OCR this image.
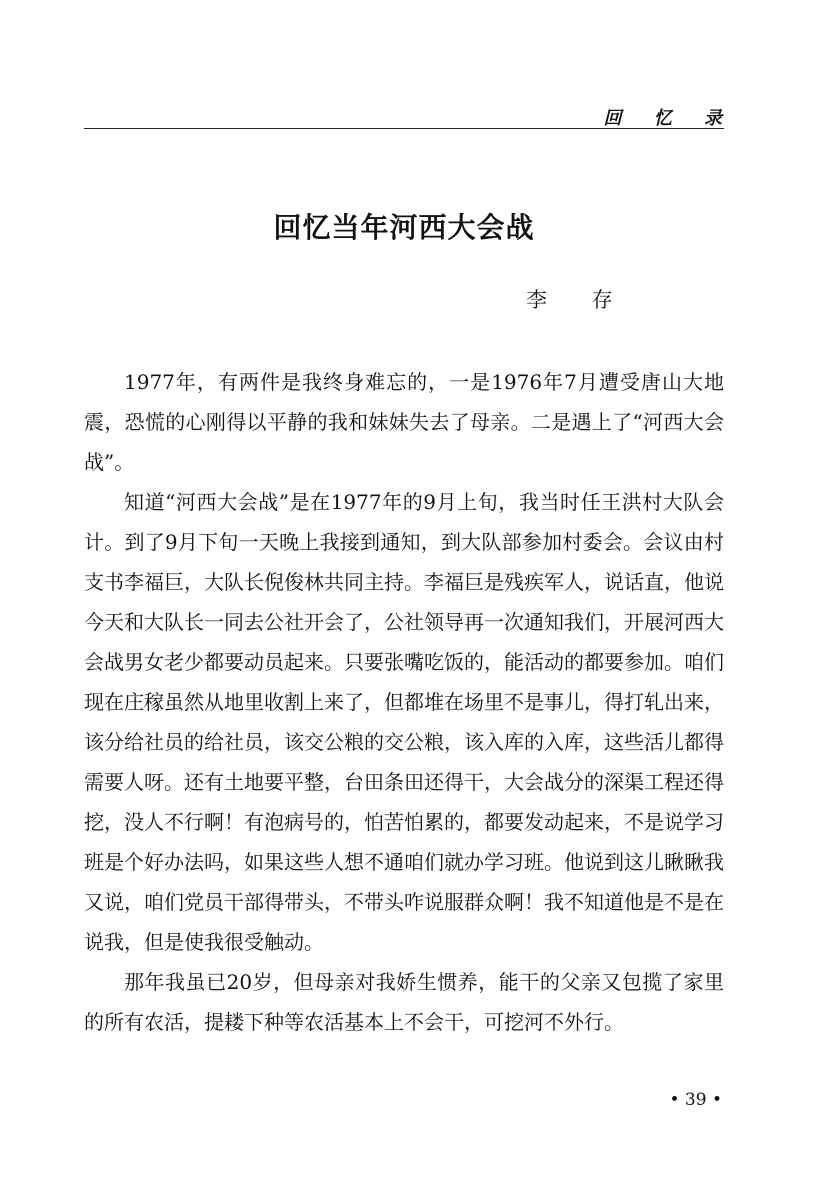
回 忆 录
回忆当年河西大会战
李 存

1977年，有两件是我终身难忘的，一是1976年7月遭受唐山大地震，恐慌的心刚得以平静的我和妹妹失去了母亲。二是遇上了“河西大会战”。

知道“河西大会战”是在1977年的9月上旬，我当时任王洪村大队会计。到了9月下旬一天晚上我接到通知，到大队部参加村委会。会议由村支书李福巨，大队长倪俊林共同主持。李福巨是残疾军人，说话直，他说今天和大队长一同去公社开会了，公社领导再一次通知我们，开展河西大会战男女老少都要动员起来。只要张嘴吃饭的，能活动的都要参加。咱们现在庄稼虽然从地里收割上来了，但都堆在场里不是事儿，得打轧出来，该分给社员的给社员，该交公粮的交公粮，该入库的入库，这些活儿都得需要人呀。还有土地要平整，台田条田还得干，大会战分的深渠工程还得挖，没人不行啊！有泡病号的，怕苦怕累的，都要发动起来，不是说学习班是个好办法吗，如果这些人想不通咱们就办学习班。他说到这儿瞅瞅我又说，咱们党员干部得带头，不带头咋说服群众啊！我不知道他是不是在说我，但是使我很受触动。

那年我虽已20岁，但母亲对我娇生惯养，能干的父亲又包揽了家里的所有农活，提耧下种等农活基本上不会干，可挖河不外行。

• 39 •
